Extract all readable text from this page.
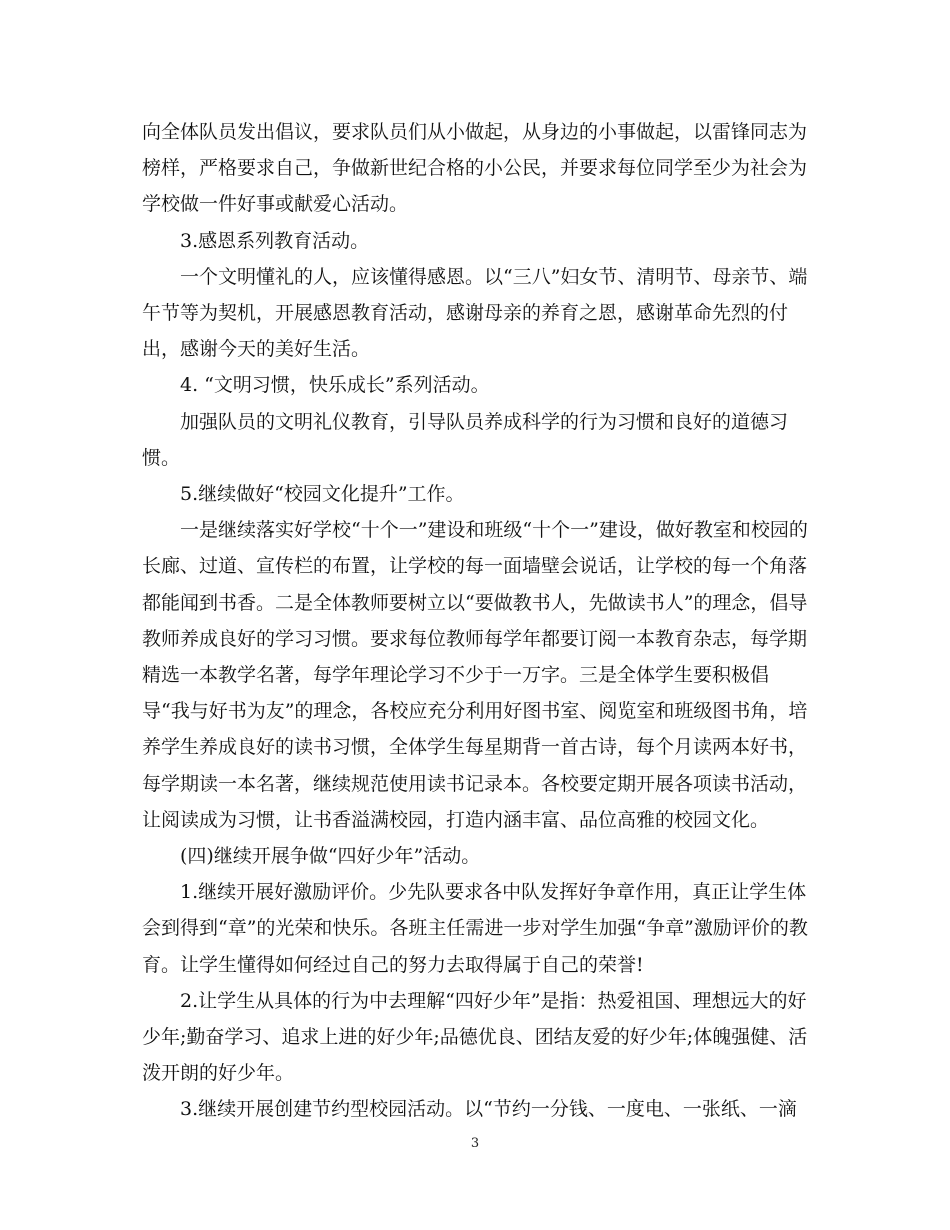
向全体队员发出倡议，要求队员们从小做起，从身边的小事做起，以雷锋同志为榜样，严格要求自己，争做新世纪合格的小公民，并要求每位同学至少为社会为学校做一件好事或献爱心活动。

3.感恩系列教育活动。

一个文明懂礼的人，应该懂得感恩。以“三八”妇女节、清明节、母亲节、端午节等为契机，开展感恩教育活动，感谢母亲的养育之恩，感谢革命先烈的付出，感谢今天的美好生活。

4. “文明习惯，快乐成长”系列活动。

加强队员的文明礼仪教育，引导队员养成科学的行为习惯和良好的道德习惯。

5.继续做好“校园文化提升”工作。

一是继续落实好学校“十个一”建设和班级“十个一”建设，做好教室和校园的长廊、过道、宣传栏的布置，让学校的每一面墙壁会说话，让学校的每一个角落都能闻到书香。二是全体教师要树立以“要做教书人，先做读书人”的理念，倡导教师养成良好的学习习惯。要求每位教师每学年都要订阅一本教育杂志，每学期精选一本教学名著，每学年理论学习不少于一万字。三是全体学生要积极倡导“我与好书为友”的理念，各校应充分利用好图书室、阅览室和班级图书角，培养学生养成良好的读书习惯，全体学生每星期背一首古诗，每个月读两本好书，每学期读一本名著，继续规范使用读书记录本。各校要定期开展各项读书活动，让阅读成为习惯，让书香溢满校园，打造内涵丰富、品位高雅的校园文化。

(四)继续开展争做“四好少年”活动。

1.继续开展好激励评价。少先队要求各中队发挥好争章作用，真正让学生体会到得到“章”的光荣和快乐。各班主任需进一步对学生加强“争章”激励评价的教育。让学生懂得如何经过自己的努力去取得属于自己的荣誉!

2.让学生从具体的行为中去理解“四好少年”是指：热爱祖国、理想远大的好少年;勤奋学习、追求上进的好少年;品德优良、团结友爱的好少年;体魄强健、活泼开朗的好少年。

3.继续开展创建节约型校园活动。以“节约一分钱、一度电、一张纸、一滴

3
